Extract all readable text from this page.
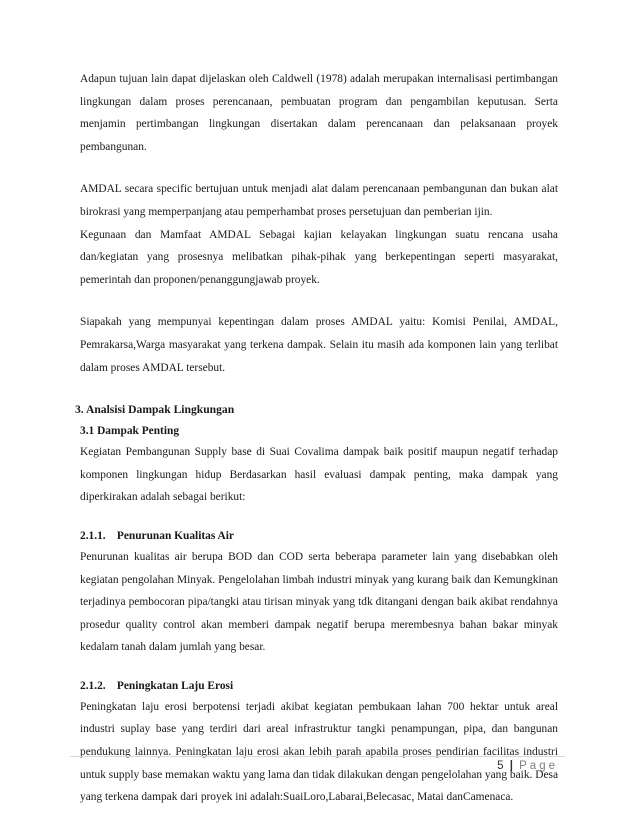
Adapun tujuan lain dapat dijelaskan oleh Caldwell (1978) adalah merupakan internalisasi pertimbangan lingkungan dalam proses perencanaan, pembuatan program dan pengambilan keputusan. Serta menjamin pertimbangan lingkungan disertakan dalam perencanaan dan pelaksanaan proyek pembangunan.

AMDAL secara specific bertujuan untuk menjadi alat dalam perencanaan pembangunan dan bukan alat birokrasi yang memperpanjang atau pemperhambat proses persetujuan dan pemberian ijin.

Kegunaan dan Mamfaat AMDAL Sebagai kajian kelayakan lingkungan suatu rencana usaha dan/kegiatan yang prosesnya melibatkan pihak-pihak yang berkepentingan seperti masyarakat, pemerintah dan proponen/penanggungjawab proyek.

Siapakah yang mempunyai kepentingan dalam proses AMDAL yaitu: Komisi Penilai, AMDAL, Pemrakarsa,Warga masyarakat yang terkena dampak. Selain itu masih ada komponen lain yang terlibat dalam proses AMDAL tersebut.

3. Analsisi Dampak Lingkungan
3.1 Dampak Penting

Kegiatan Pembangunan Supply base di Suai Covalima dampak baik positif maupun negatif terhadap komponen lingkungan hidup Berdasarkan hasil evaluasi dampak penting, maka dampak yang diperkirakan adalah sebagai berikut:

2.1.1. Penurunan Kualitas Air

Penurunan kualitas air berupa BOD dan COD serta beberapa parameter lain yang disebabkan oleh kegiatan pengolahan Minyak. Pengelolahan limbah industri minyak yang kurang baik dan Kemungkinan terjadinya pembocoran pipa/tangki atau tirisan minyak yang tdk ditangani dengan baik akibat rendahnya prosedur quality control akan memberi dampak negatif berupa merembesnya bahan bakar minyak kedalam tanah dalam jumlah yang besar.

2.1.2. Peningkatan Laju Erosi

Peningkatan laju erosi berpotensi terjadi akibat kegiatan pembukaan lahan 700 hektar untuk areal industri suplay base yang terdiri dari areal infrastruktur tangki penampungan, pipa, dan bangunan pendukung lainnya. Peningkatan laju erosi akan lebih parah apabila proses pendirian facilitas industri untuk supply base memakan waktu yang lama dan tidak dilakukan dengan pengelolahan yang baik. Desa yang terkena dampak dari proyek ini adalah:SuaiLoro,Labarai,Belecasac, Matai danCamenaca.

5 | Page
